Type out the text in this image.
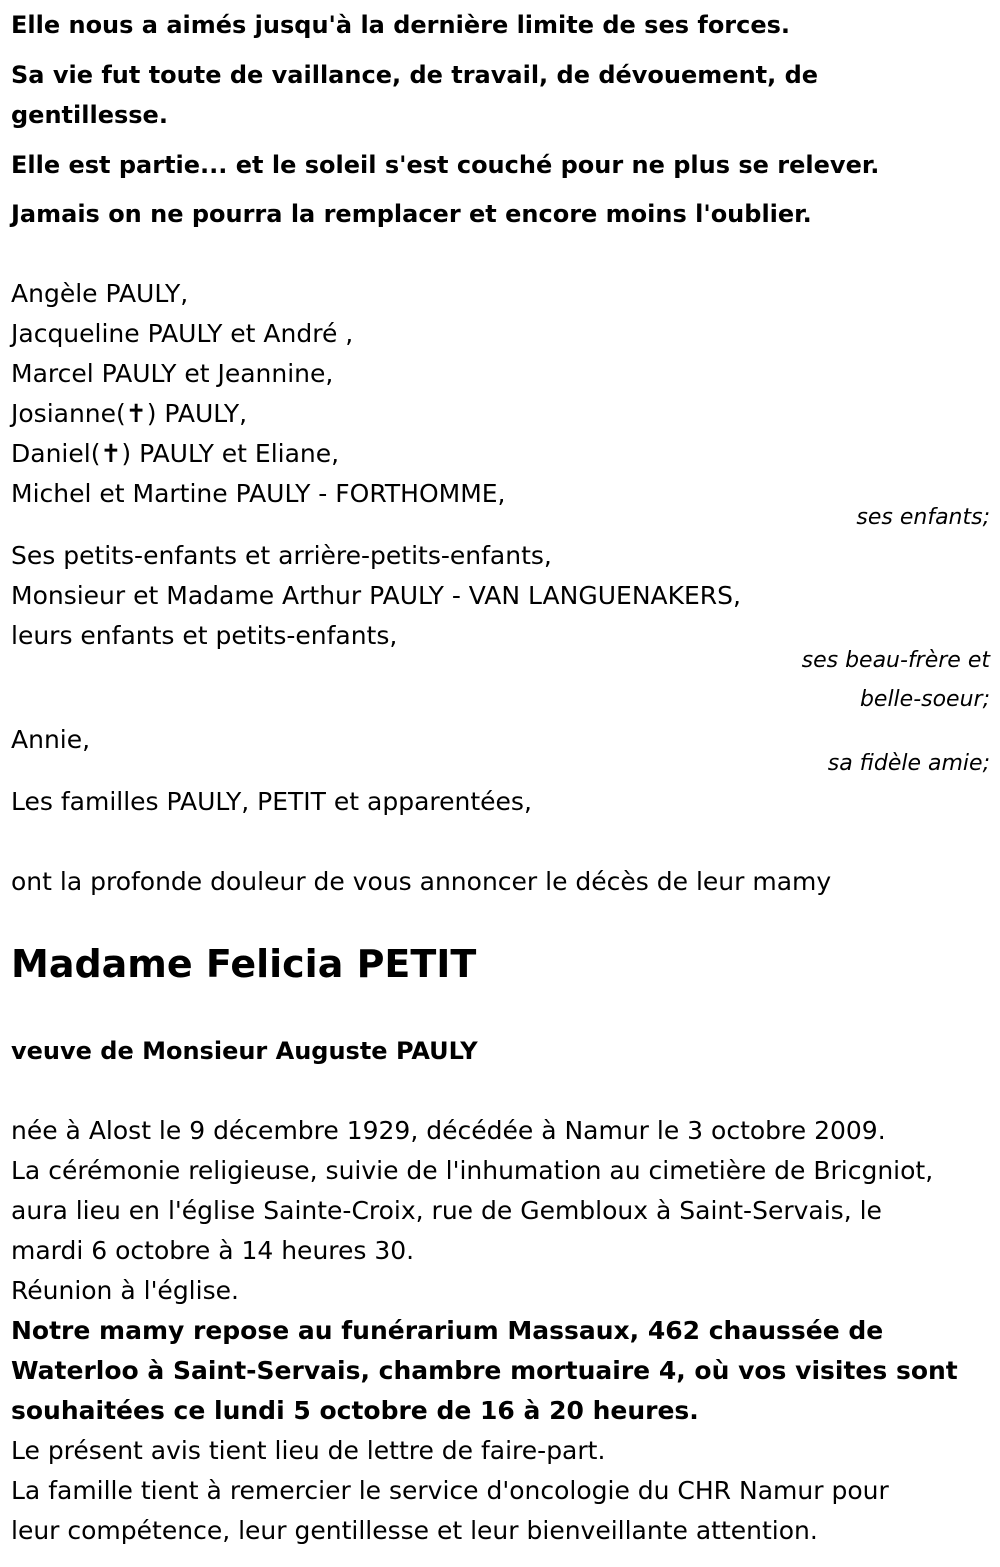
Elle nous a aimés jusqu'à la dernière limite de ses forces.
Sa vie fut toute de vaillance, de travail, de dévouement, de
gentillesse.
Elle est partie... et le soleil s'est couché pour ne plus se relever.
Jamais on ne pourra la remplacer et encore moins l'oublier.
Angèle PAULY,
Jacqueline PAULY et André ,
Marcel PAULY et Jeannine,
Josianne(✝) PAULY,
Daniel(✝) PAULY et Eliane,
Michel et Martine PAULY - FORTHOMME,
ses enfants;
Ses petits-enfants et arrière-petits-enfants,
Monsieur et Madame Arthur PAULY - VAN LANGUENAKERS,
leurs enfants et petits-enfants,
ses beau-frère et
belle-soeur;
Annie,
sa fidèle amie;
Les familles PAULY, PETIT et apparentées,
ont la profonde douleur de vous annoncer le décès de leur mamy
Madame Felicia PETIT
veuve de Monsieur Auguste PAULY
née à Alost le 9 décembre 1929, décédée à Namur le 3 octobre 2009.
La cérémonie religieuse, suivie de l'inhumation au cimetière de Bricgniot,
aura lieu en l'église Sainte-Croix, rue de Gembloux à Saint-Servais, le
mardi 6 octobre à 14 heures 30.
Réunion à l'église.
Notre mamy repose au funérarium Massaux, 462 chaussée de
Waterloo à Saint-Servais, chambre mortuaire 4, où vos visites sont
souhaitées ce lundi 5 octobre de 16 à 20 heures.
Le présent avis tient lieu de lettre de faire-part.
La famille tient à remercier le service d'oncologie du CHR Namur pour
leur compétence, leur gentillesse et leur bienveillante attention.
